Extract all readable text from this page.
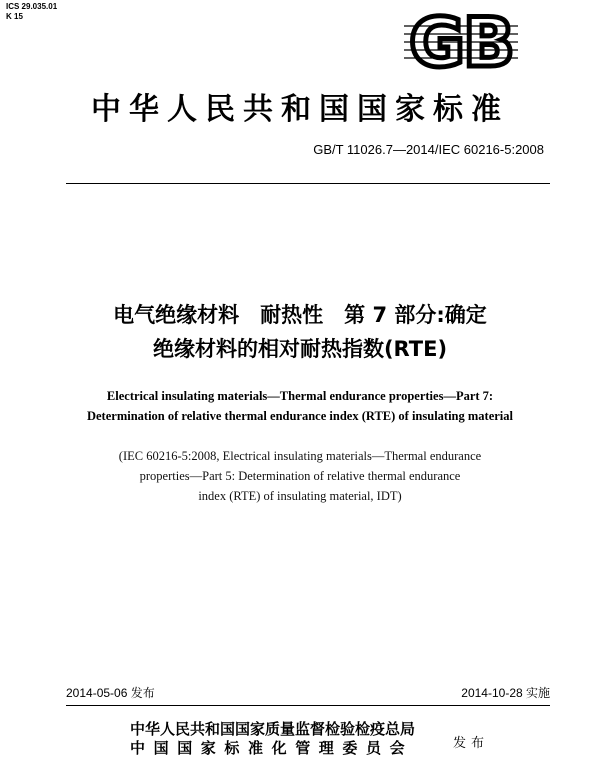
ICS 29.035.01
K 15	GB
中华人民共和国国家标准
GB/T 11026.7—2014/IEC 60216-5:2008
电气绝缘材料　耐热性　第 7 部分:确定
绝缘材料的相对耐热指数(RTE)
Electrical insulating materials—Thermal endurance properties—Part 7:
Determination of relative thermal endurance index (RTE) of insulating material
(IEC 60216-5:2008, Electrical insulating materials—Thermal endurance
properties—Part 5: Determination of relative thermal endurance
index (RTE) of insulating material, IDT)
2014-05-06 发布	2014-10-28 实施
中华人民共和国国家质量监督检验检疫总局
中国国家标准化管理委员会	发布
